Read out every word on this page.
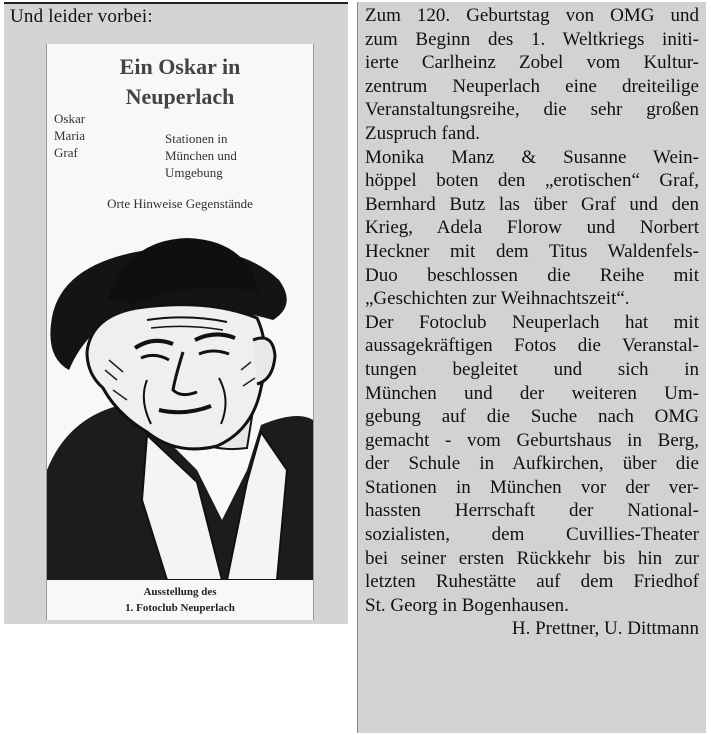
Und leider vorbei:
Ein Oskar in
Neuperlach
Oskar
Maria
Graf
Stationen in
München und
Umgebung
Orte Hinweise Gegenstände
Ausstellung des
1. Fotoclub Neuperlach
Zum 120. Geburtstag von OMG und
zum Beginn des 1. Weltkriegs initi-
ierte Carlheinz Zobel vom Kultur-
zentrum Neuperlach eine dreiteilige
Veranstaltungsreihe, die sehr großen
Zuspruch fand.
Monika Manz & Susanne Wein-
höppel boten den „erotischen“ Graf,
Bernhard Butz las über Graf und den
Krieg, Adela Florow und Norbert
Heckner mit dem Titus Waldenfels-
Duo beschlossen die Reihe mit
„Geschichten zur Weihnachtszeit“.
Der Fotoclub Neuperlach hat mit
aussagekräftigen Fotos die Veranstal-
tungen begleitet und sich in
München und der weiteren Um-
gebung auf die Suche nach OMG
gemacht - vom Geburtshaus in Berg,
der Schule in Aufkirchen, über die
Stationen in München vor der ver-
hassten Herrschaft der National-
sozialisten, dem Cuvillies-Theater
bei seiner ersten Rückkehr bis hin zur
letzten Ruhestätte auf dem Friedhof
St. Georg in Bogenhausen.
H. Prettner, U. Dittmann
